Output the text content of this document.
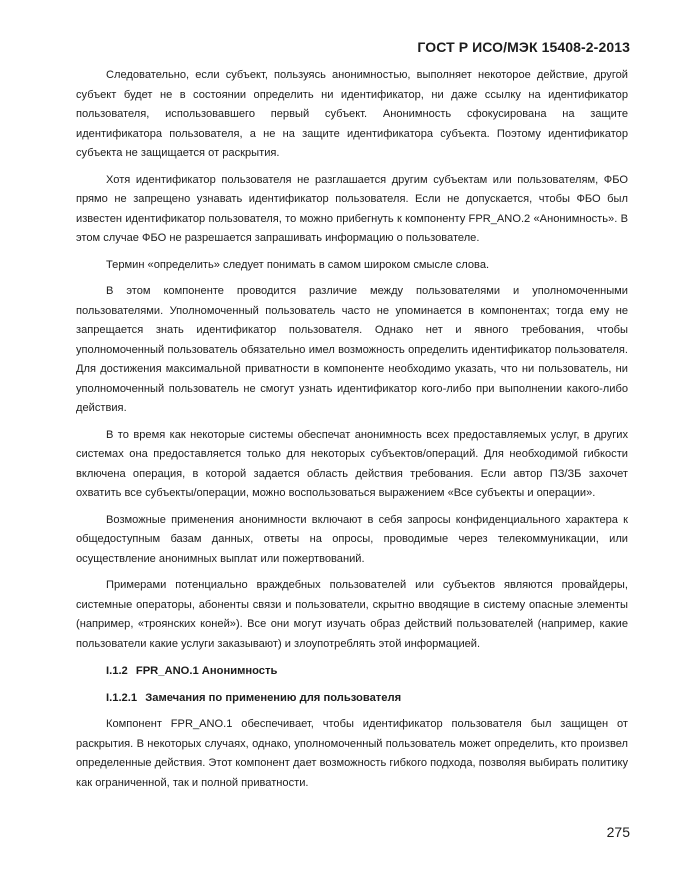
ГОСТ Р ИСО/МЭК 15408-2-2013

Следовательно, если субъект, пользуясь анонимностью, выполняет некоторое действие, другой субъект будет не в состоянии определить ни идентификатор, ни даже ссылку на идентификатор пользователя, использовавшего первый субъект. Анонимность сфокусирована на защите идентификатора пользователя, а не на защите идентификатора субъекта. Поэтому идентификатор субъекта не защищается от раскрытия.

Хотя идентификатор пользователя не разглашается другим субъектам или пользователям, ФБО прямо не запрещено узнавать идентификатор пользователя. Если не допускается, чтобы ФБО был известен идентификатор пользователя, то можно прибегнуть к компоненту FPR_ANO.2 «Анонимность». В этом случае ФБО не разрешается запрашивать информацию о пользователе.

Термин «определить» следует понимать в самом широком смысле слова.

В этом компоненте проводится различие между пользователями и уполномоченными пользователями. Уполномоченный пользователь часто не упоминается в компонентах; тогда ему не запрещается знать идентификатор пользователя. Однако нет и явного требования, чтобы уполномоченный пользователь обязательно имел возможность определить идентификатор пользователя. Для достижения максимальной приватности в компоненте необходимо указать, что ни пользователь, ни уполномоченный пользователь не смогут узнать идентификатор кого-либо при выполнении какого-либо действия.

В то время как некоторые системы обеспечат анонимность всех предоставляемых услуг, в других системах она предоставляется только для некоторых субъектов/операций. Для необходимой гибкости включена операция, в которой задается область действия требования. Если автор ПЗ/ЗБ захочет охватить все субъекты/операции, можно воспользоваться выражением «Все субъекты и операции».

Возможные применения анонимности включают в себя запросы конфиденциального характера к общедоступным базам данных, ответы на опросы, проводимые через телекоммуникации, или осуществление анонимных выплат или пожертвований.

Примерами потенциально враждебных пользователей или субъектов являются провайдеры, системные операторы, абоненты связи и пользователи, скрытно вводящие в систему опасные элементы (например, «троянских коней»). Все они могут изучать образ действий пользователей (например, какие пользователи какие услуги заказывают) и злоупотреблять этой информацией.

I.1.2 FPR_ANO.1 Анонимность
I.1.2.1 Замечания по применению для пользователя

Компонент FPR_ANO.1 обеспечивает, чтобы идентификатор пользователя был защищен от раскрытия. В некоторых случаях, однако, уполномоченный пользователь может определить, кто произвел определенные действия. Этот компонент дает возможность гибкого подхода, позволяя выбирать политику как ограниченной, так и полной приватности.

275
